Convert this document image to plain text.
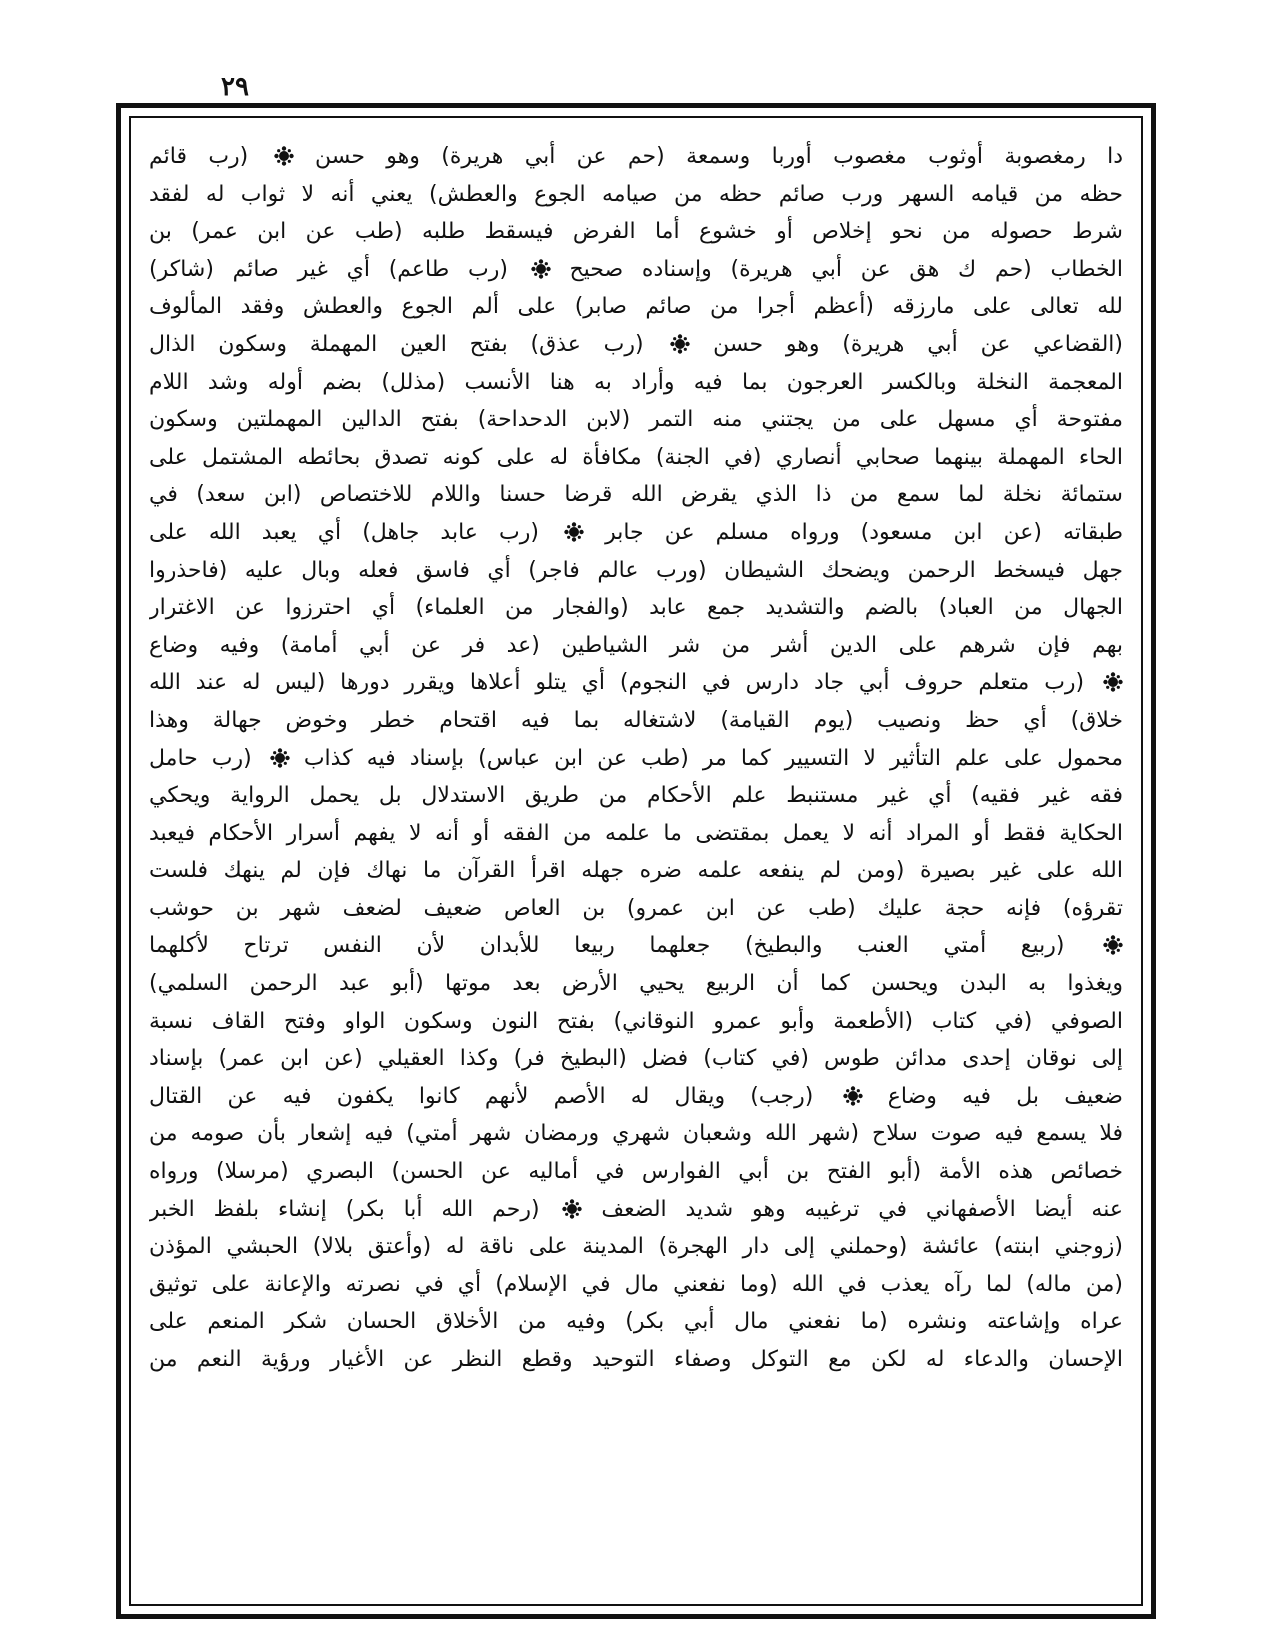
٢٩
دا رمغصوبة أوثوب مغصوب أوربا وسمعة (حم عن أبي هريرة) وهو حسن  (رب قائم
حظه من قيامه السهر ورب صائم حظه من صيامه الجوع والعطش) يعني أنه لا ثواب له لفقد
شرط حصوله من نحو إخلاص أو خشوع أما الفرض فيسقط طلبه (طب عن ابن عمر) بن
الخطاب (حم ك هق عن أبي هريرة) وإسناده صحيح  (رب طاعم) أي غير صائم (شاكر)
لله تعالى على مارزقه (أعظم أجرا من صائم صابر) على ألم الجوع والعطش وفقد المألوف
(القضاعي عن أبي هريرة) وهو حسن  (رب عذق) بفتح العين المهملة وسكون الذال
المعجمة النخلة وبالكسر العرجون بما فيه وأراد به هنا الأنسب (مذلل) بضم أوله وشد اللام
مفتوحة أي مسهل على من يجتني منه التمر (لابن الدحداحة) بفتح الدالين المهملتين وسكون
الحاء المهملة بينهما صحابي أنصاري (في الجنة) مكافأة له على كونه تصدق بحائطه المشتمل على
ستمائة نخلة لما سمع من ذا الذي يقرض الله قرضا حسنا واللام للاختصاص (ابن سعد) في
طبقاته (عن ابن مسعود) ورواه مسلم عن جابر  (رب عابد جاهل) أي يعبد الله على
جهل فيسخط الرحمن ويضحك الشيطان (ورب عالم فاجر) أي فاسق فعله وبال عليه (فاحذروا
الجهال من العباد) بالضم والتشديد جمع عابد (والفجار من العلماء) أي احترزوا عن الاغترار
بهم فإن شرهم على الدين أشر من شر الشياطين (عد فر عن أبي أمامة) وفيه وضاع
(رب متعلم حروف أبي جاد دارس في النجوم) أي يتلو أعلاها ويقرر دورها (ليس له عند الله
خلاق) أي حظ ونصيب (يوم القيامة) لاشتغاله بما فيه اقتحام خطر وخوض جهالة وهذا
محمول على علم التأثير لا التسيير كما مر (طب عن ابن عباس) بإسناد فيه كذاب  (رب حامل
فقه غير فقيه) أي غير مستنبط علم الأحكام من طريق الاستدلال بل يحمل الرواية ويحكي
الحكاية فقط أو المراد أنه لا يعمل بمقتضى ما علمه من الفقه أو أنه لا يفهم أسرار الأحكام فيعبد
الله على غير بصيرة (ومن لم ينفعه علمه ضره جهله اقرأ القرآن ما نهاك فإن لم ينهك فلست
تقرؤه) فإنه حجة عليك (طب عن ابن عمرو) بن العاص ضعيف لضعف شهر بن حوشب
(ربيع أمتي العنب والبطيخ) جعلهما ربيعا للأبدان لأن النفس ترتاح لأكلهما
ويغذوا به البدن ويحسن كما أن الربيع يحيي الأرض بعد موتها (أبو عبد الرحمن السلمي)
الصوفي (في كتاب (الأطعمة وأبو عمرو النوقاني) بفتح النون وسكون الواو وفتح القاف نسبة
إلى نوقان إحدى مدائن طوس (في كتاب) فضل (البطيخ فر) وكذا العقيلي (عن ابن عمر) بإسناد
ضعيف بل فيه وضاع  (رجب) ويقال له الأصم لأنهم كانوا يكفون فيه عن القتال
فلا يسمع فيه صوت سلاح (شهر الله وشعبان شهري ورمضان شهر أمتي) فيه إشعار بأن صومه من
خصائص هذه الأمة (أبو الفتح بن أبي الفوارس في أماليه عن الحسن) البصري (مرسلا) ورواه
عنه أيضا الأصفهاني في ترغيبه وهو شديد الضعف  (رحم الله أبا بكر) إنشاء بلفظ الخبر
(زوجني ابنته) عائشة (وحملني إلى دار الهجرة) المدينة على ناقة له (وأعتق بلالا) الحبشي المؤذن
(من ماله) لما رآه يعذب في الله (وما نفعني مال في الإسلام) أي في نصرته والإعانة على توثيق
عراه وإشاعته ونشره (ما نفعني مال أبي بكر) وفيه من الأخلاق الحسان شكر المنعم على
الإحسان والدعاء له لكن مع التوكل وصفاء التوحيد وقطع النظر عن الأغيار ورؤية النعم من
